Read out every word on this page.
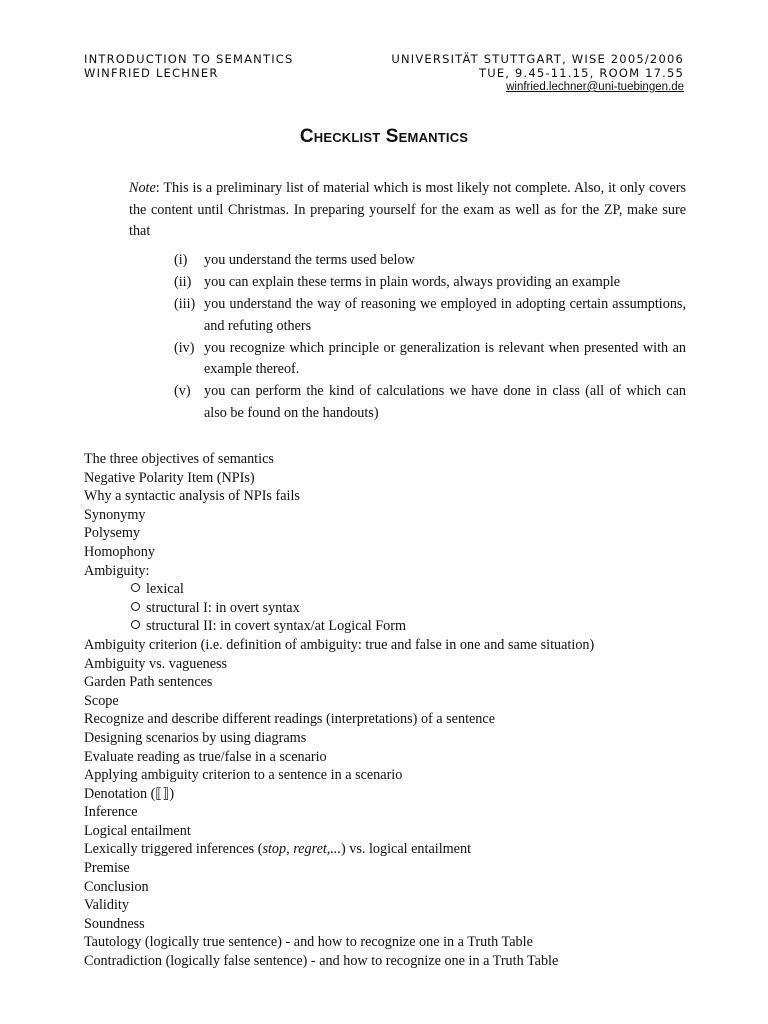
INTRODUCTION TO SEMANTICS
WINFRIED LECHNER
UNIVERSITÄT STUTTGART, WISE 2005/2006
TUE, 9.45-11.15, ROOM 17.55
winfried.lechner@uni-tuebingen.de
Checklist Semantics
Note: This is a preliminary list of material which is most likely not complete. Also, it only covers the content until Christmas. In preparing yourself for the exam as well as for the ZP, make sure that
(i)	you understand the terms used below
(ii) you can explain these terms in plain words, always providing an example
(iii) you understand the way of reasoning we employed in adopting certain assumptions, and refuting others
(iv) you recognize which principle or generalization is relevant when presented with an example thereof.
(v) you can perform the kind of calculations we have done in class (all of which can also be found on the handouts)
The three objectives of semantics
Negative Polarity Item (NPIs)
Why a syntactic analysis of NPIs fails
Synonymy
Polysemy
Homophony
Ambiguity:
lexical
structural I: in overt syntax
structural II: in covert syntax/at Logical Form
Ambiguity criterion (i.e. definition of ambiguity: true and false in one and same situation)
Ambiguity vs. vagueness
Garden Path sentences
Scope
Recognize and describe different readings (interpretations) of a sentence
Designing scenarios by using diagrams
Evaluate reading as true/false in a scenario
Applying ambiguity criterion to a sentence in a scenario
Denotation (⟦⟧)
Inference
Logical entailment
Lexically triggered inferences (stop, regret,...) vs. logical entailment
Premise
Conclusion
Validity
Soundness
Tautology (logically true sentence) - and how to recognize one in a Truth Table
Contradiction (logically false sentence) - and how to recognize one in a Truth Table
